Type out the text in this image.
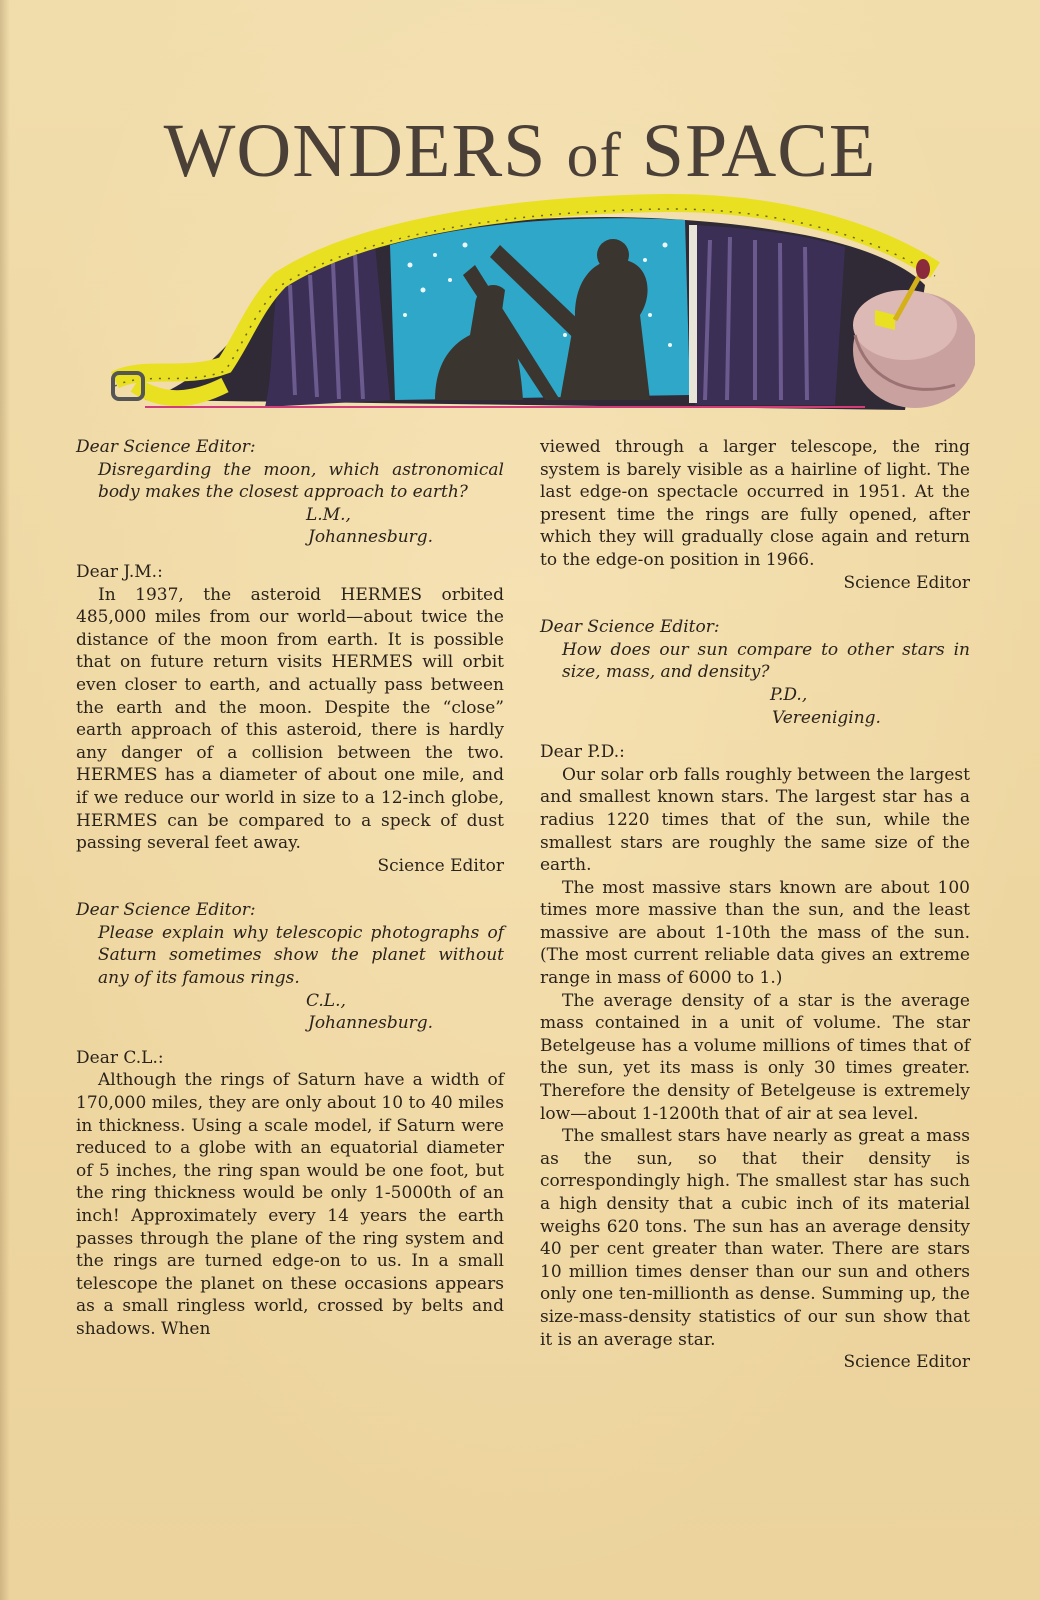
WONDERS of SPACE

Dear Science Editor:

Disregarding the moon, which astronomical body makes the closest approach to earth?

L.M.,

Johannesburg.

Dear J.M.:

In 1937, the asteroid HERMES orbited 485,000 miles from our world—about twice the distance of the moon from earth. It is possible that on future return visits HERMES will orbit even closer to earth, and actually pass between the earth and the moon. Despite the “close” earth approach of this asteroid, there is hardly any danger of a collision between the two. HERMES has a diameter of about one mile, and if we reduce our world in size to a 12-inch globe, HERMES can be compared to a speck of dust passing several feet away.

Science Editor

Dear Science Editor:

Please explain why telescopic photographs of Saturn sometimes show the planet without any of its famous rings.

C.L.,

Johannesburg.

Dear C.L.:

Although the rings of Saturn have a width of 170,000 miles, they are only about 10 to 40 miles in thickness. Using a scale model, if Saturn were reduced to a globe with an equatorial diameter of 5 inches, the ring span would be one foot, but the ring thickness would be only 1-5000th of an inch! Approximately every 14 years the earth passes through the plane of the ring system and the rings are turned edge-on to us. In a small telescope the planet on these occasions appears as a small ringless world, crossed by belts and shadows. When

viewed through a larger telescope, the ring system is barely visible as a hairline of light. The last edge-on spectacle occurred in 1951. At the present time the rings are fully opened, after which they will gradually close again and return to the edge-on position in 1966.

Science Editor

Dear Science Editor:

How does our sun compare to other stars in size, mass, and density?

P.D.,

Vereeniging.

Dear P.D.:

Our solar orb falls roughly between the largest and smallest known stars. The largest star has a radius 1220 times that of the sun, while the smallest stars are roughly the same size of the earth.

The most massive stars known are about 100 times more massive than the sun, and the least massive are about 1-10th the mass of the sun. (The most current reliable data gives an extreme range in mass of 6000 to 1.)

The average density of a star is the average mass contained in a unit of volume. The star Betelgeuse has a volume millions of times that of the sun, yet its mass is only 30 times greater. Therefore the density of Betelgeuse is extremely low—about 1-1200th that of air at sea level.

The smallest stars have nearly as great a mass as the sun, so that their density is correspondingly high. The smallest star has such a high density that a cubic inch of its material weighs 620 tons. The sun has an average density 40 per cent greater than water. There are stars 10 million times denser than our sun and others only one ten-millionth as dense. Summing up, the size-mass-density statistics of our sun show that it is an average star.

Science Editor
